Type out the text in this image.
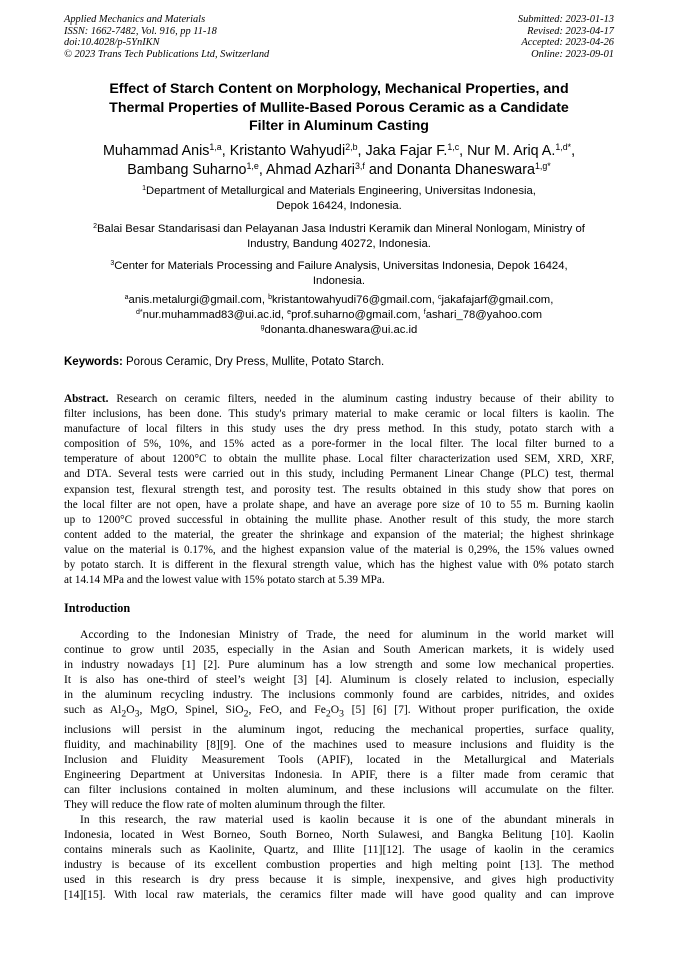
Applied Mechanics and Materials
ISSN: 1662-7482, Vol. 916, pp 11-18
doi:10.4028/p-5YnIKN
© 2023 Trans Tech Publications Ltd, Switzerland
Submitted: 2023-01-13
Revised: 2023-04-17
Accepted: 2023-04-26
Online: 2023-09-01
Effect of Starch Content on Morphology, Mechanical Properties, and
Thermal Properties of Mullite-Based Porous Ceramic as a Candidate
Filter in Aluminum Casting
Muhammad Anis$^{1,a}$, Kristanto Wahyudi$^{2,b}$, Jaka Fajar F.$^{1,c}$, Nur M. Ariq A.$^{1,d*}$,
Bambang Suharno$^{1,e}$, Ahmad Azhari$^{3,f}$ and Donanta Dhaneswara$^{1,g*}$
$^1$Department of Metallurgical and Materials Engineering, Universitas Indonesia,
Depok 16424, Indonesia.
$^2$Balai Besar Standarisasi dan Pelayanan Jasa Industri Keramik dan Mineral Nonlogam, Ministry of
Industry, Bandung 40272, Indonesia.
$^3$Center for Materials Processing and Failure Analysis, Universitas Indonesia, Depok 16424,
Indonesia.
$^a$anis.metalurgi@gmail.com, $^b$kristantowahyudi76@gmail.com, $^c$jakafajarf@gmail.com,
$^{d*}$nur.muhammad83@ui.ac.id, $^e$prof.suharno@gmail.com, $^f$ashari_78@yahoo.com
$^g$donanta.dhaneswara@ui.ac.id
Keywords: Porous Ceramic, Dry Press, Mullite, Potato Starch.
Abstract. Research on ceramic filters, needed in the aluminum casting industry because of their ability to
filter inclusions, has been done. This study's primary material to make ceramic or local filters is kaolin. The
manufacture of local filters in this study uses the dry press method. In this study, potato starch with a
composition of 5%, 10%, and 15% acted as a pore-former in the local filter. The local filter burned to a
temperature of about 1200°C to obtain the mullite phase. Local filter characterization used SEM, XRD, XRF,
and DTA. Several tests were carried out in this study, including Permanent Linear Change (PLC) test, thermal
expansion test, flexural strength test, and porosity test. The results obtained in this study show that pores on
the local filter are not open, have a prolate shape, and have an average pore size of 10 to 55 m. Burning kaolin
up to 1200°C proved successful in obtaining the mullite phase. Another result of this study, the more starch
content added to the material, the greater the shrinkage and expansion of the material; the highest shrinkage
value on the material is 0.17%, and the highest expansion value of the material is 0,29%, the 15% values owned
by potato starch. It is different in the flexural strength value, which has the highest value with 0% potato starch
at 14.14 MPa and the lowest value with 15% potato starch at 5.39 MPa.
Introduction
According to the Indonesian Ministry of Trade, the need for aluminum in the world market will
continue to grow until 2035, especially in the Asian and South American markets, it is widely used
in industry nowadays [1] [2]. Pure aluminum has a low strength and some low mechanical properties.
It is also has one-third of steel’s weight [3] [4]. Aluminum is closely related to inclusion, especially
in the aluminum recycling industry. The inclusions commonly found are carbides, nitrides, and oxides
such as $Al_2O_3$, MgO, Spinel, SiO$_2$, FeO, and $Fe_2O_3$ [5] [6] [7]. Without proper purification, the oxide
inclusions will persist in the aluminum ingot, reducing the mechanical properties, surface quality,
fluidity, and machinability [8][9]. One of the machines used to measure inclusions and fluidity is the
Inclusion and Fluidity Measurement Tools (APIF), located in the Metallurgical and Materials
Engineering Department at Universitas Indonesia. In APIF, there is a filter made from ceramic that
can filter inclusions contained in molten aluminum, and these inclusions will accumulate on the filter.
They will reduce the flow rate of molten aluminum through the filter.
In this research, the raw material used is kaolin because it is one of the abundant minerals in
Indonesia, located in West Borneo, South Borneo, North Sulawesi, and Bangka Belitung [10]. Kaolin
contains minerals such as Kaolinite, Quartz, and Illite [11][12]. The usage of kaolin in the ceramics
industry is because of its excellent combustion properties and high melting point [13]. The method
used in this research is dry press because it is simple, inexpensive, and gives high productivity
[14][15]. With local raw materials, the ceramics filter made will have good quality and can improve
